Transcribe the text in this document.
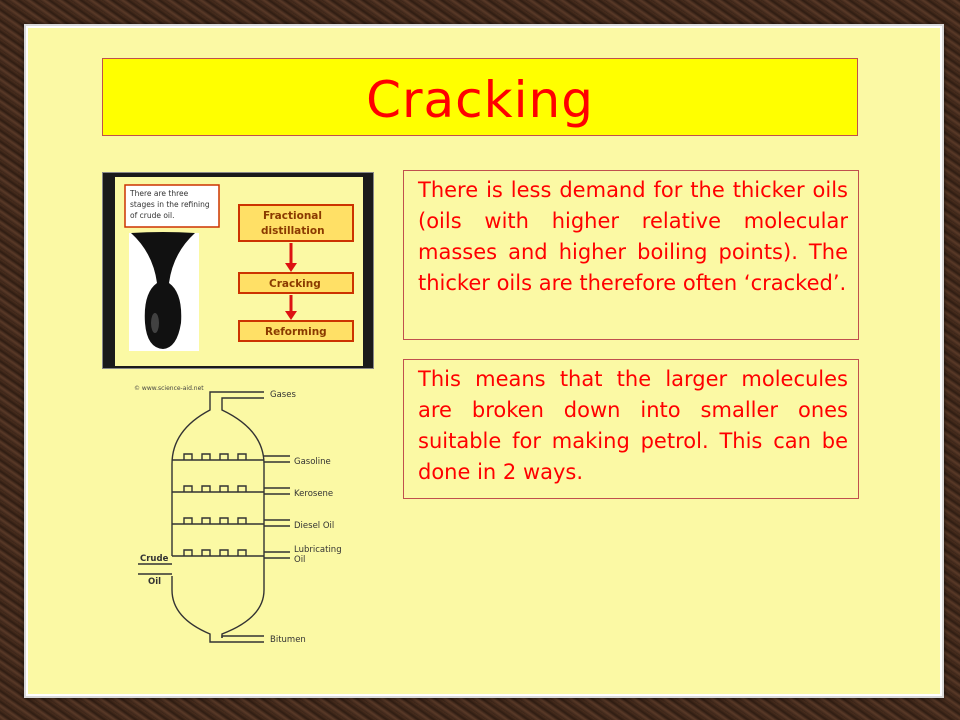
Cracking
There is less demand for the thicker oils (oils with higher relative molecular masses and higher boiling points). The thicker oils are therefore often ‘cracked’.
This means that the larger molecules are broken down into smaller ones suitable for making petrol. This can be done in 2 ways.
There are three stages in the refining of crude oil.	Fractional distillation
Cracking
Reforming
© www.science-aid.net
Gases
Gasoline
Kerosene
Diesel Oil
Lubricating Oil
Bitumen
Crude Oil
